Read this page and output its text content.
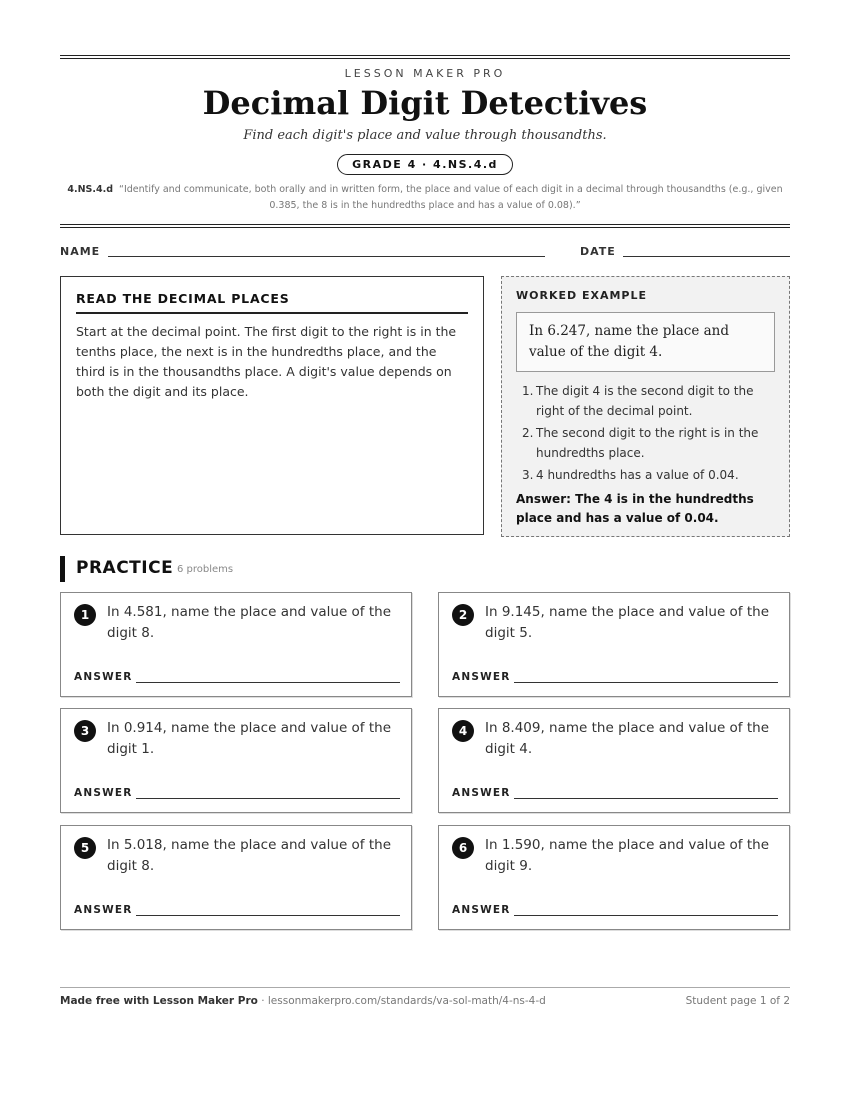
LESSON MAKER PRO
Decimal Digit Detectives
Find each digit's place and value through thousandths.
GRADE 4 · 4.NS.4.d
4.NS.4.d “Identify and communicate, both orally and in written form, the place and value of each digit in a decimal through thousandths (e.g., given 0.385, the 8 is in the hundredths place and has a value of 0.08).”
NAME	DATE
READ THE DECIMAL PLACES
Start at the decimal point. The first digit to the right is in the tenths place, the next is in the hundredths place, and the third is in the thousandths place. A digit's value depends on both the digit and its place.
WORKED EXAMPLE
In 6.247, name the place and value of the digit 4.
1. The digit 4 is the second digit to the right of the decimal point.
2. The second digit to the right is in the hundredths place.
3. 4 hundredths has a value of 0.04.
Answer: The 4 is in the hundredths place and has a value of 0.04.
PRACTICE 6 problems
1	In 4.581, name the place and value of the digit 8.
ANSWER
2	In 9.145, name the place and value of the digit 5.
ANSWER
3	In 0.914, name the place and value of the digit 1.
ANSWER
4	In 8.409, name the place and value of the digit 4.
ANSWER
5	In 5.018, name the place and value of the digit 8.
ANSWER
6	In 1.590, name the place and value of the digit 9.
ANSWER
Made free with Lesson Maker Pro · lessonmakerpro.com/standards/va-sol-math/4-ns-4-d	Student page 1 of 2
